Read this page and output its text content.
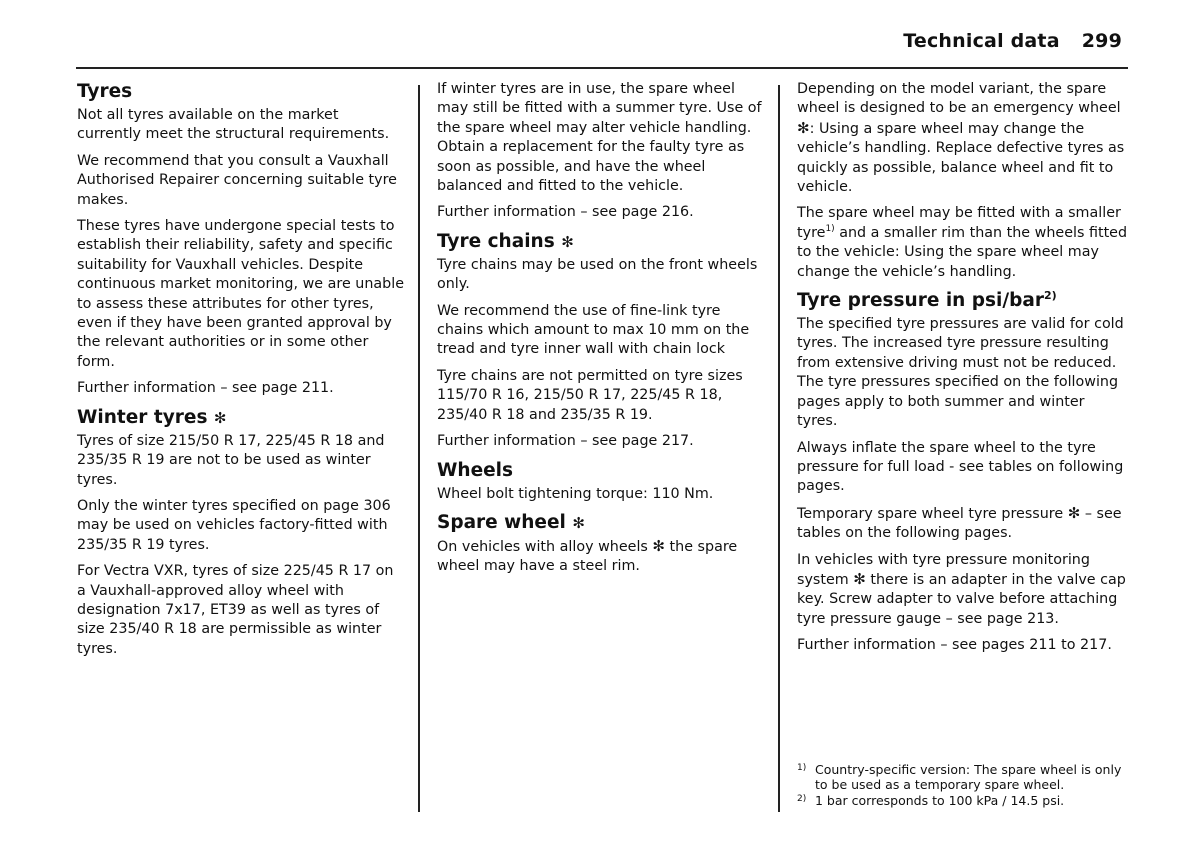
Technical data 299
Tyres

Not all tyres available on the market currently meet the structural requirements.

We recommend that you consult a Vauxhall Authorised Repairer concerning suitable tyre makes.

These tyres have undergone special tests to establish their reliability, safety and specific suitability for Vauxhall vehicles. Despite continuous market monitoring, we are unable to assess these attributes for other tyres, even if they have been granted approval by the relevant authorities or in some other form.

Further information – see page 211.

Winter tyres ✻

Tyres of size 215/50 R 17, 225/45 R 18 and 235/35 R 19 are not to be used as winter tyres.

Only the winter tyres specified on page 306 may be used on vehicles factory-fitted with 235/35 R 19 tyres.

For Vectra VXR, tyres of size 225/45 R 17 on a Vauxhall-approved alloy wheel with designation 7x17, ET39 as well as tyres of size 235/40 R 18 are permissible as winter tyres.

If winter tyres are in use, the spare wheel may still be fitted with a summer tyre. Use of the spare wheel may alter vehicle handling. Obtain a replacement for the faulty tyre as soon as possible, and have the wheel balanced and fitted to the vehicle.

Further information – see page 216.

Tyre chains ✻

Tyre chains may be used on the front wheels only.

We recommend the use of fine-link tyre chains which amount to max 10 mm on the tread and tyre inner wall with chain lock

Tyre chains are not permitted on tyre sizes 115/70 R 16, 215/50 R 17, 225/45 R 18, 235/40 R 18 and 235/35 R 19.

Further information – see page 217.

Wheels

Wheel bolt tightening torque: 110 Nm.

Spare wheel ✻

On vehicles with alloy wheels ✻ the spare wheel may have a steel rim.

Depending on the model variant, the spare wheel is designed to be an emergency wheel ✻: Using a spare wheel may change the vehicle’s handling. Replace defective tyres as quickly as possible, balance wheel and fit to vehicle.

The spare wheel may be fitted with a smaller tyre$^{1)}$ and a smaller rim than the wheels fitted to the vehicle: Using the spare wheel may change the vehicle’s handling.

Tyre pressure in psi/bar$^{2)}$

The specified tyre pressures are valid for cold tyres. The increased tyre pressure resulting from extensive driving must not be reduced. The tyre pressures specified on the following pages apply to both summer and winter tyres.

Always inflate the spare wheel to the tyre pressure for full load - see tables on following pages.

Temporary spare wheel tyre pressure ✻ – see tables on the following pages.

In vehicles with tyre pressure monitoring system ✻ there is an adapter in the valve cap key. Screw adapter to valve before attaching tyre pressure gauge – see page 213.

Further information – see pages 211 to 217.

1) Country-specific version: The spare wheel is only to be used as a temporary spare wheel.
2) 1 bar corresponds to 100 kPa / 14.5 psi.
